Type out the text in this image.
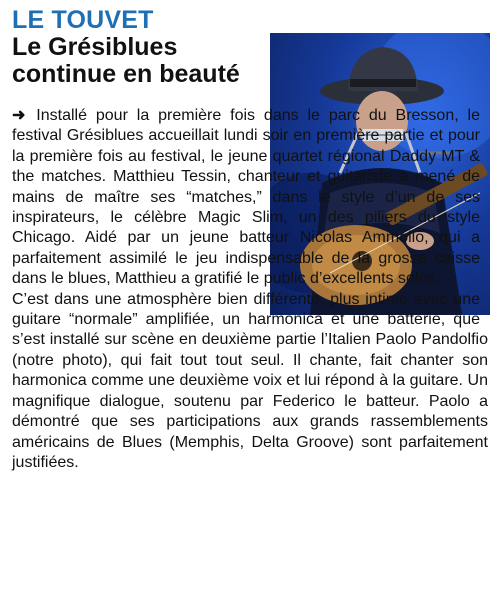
LE TOUVET
Le Grésiblues continue en beauté

➜ Installé pour la première fois dans le parc du Bresson, le festival Grésiblues accueillait lundi soir en première partie et pour la première fois au festival, le jeune quartet régional Daddy MT & the matches. Matthieu Tessin, chanteur et guitariste a mené de mains de maître ses “matches,” dans le style d’un de ses inspirateurs, le célèbre Magic Slim, un des piliers du style Chicago. Aidé par un jeune batteur Nicolas Ammollo, qui a parfaitement assimilé le jeu indispensable de la grosse caisse dans le blues, Matthieu a gratifié le public d’excellents solos.

C’est dans une atmosphère bien différente, plus intime avec une guitare “normale” amplifiée, un harmonica et une batterie, que s’est installé sur scène en deuxième partie l’Italien Paolo Pandolfio (notre photo), qui fait tout tout seul. Il chante, fait chanter son harmonica comme une deuxième voix et lui répond à la guitare. Un magnifique dialogue, soutenu par Federico le batteur. Paolo a démontré que ses participations aux grands rassemblements américains de Blues (Memphis, Delta Groove) sont parfaitement justifiées.
